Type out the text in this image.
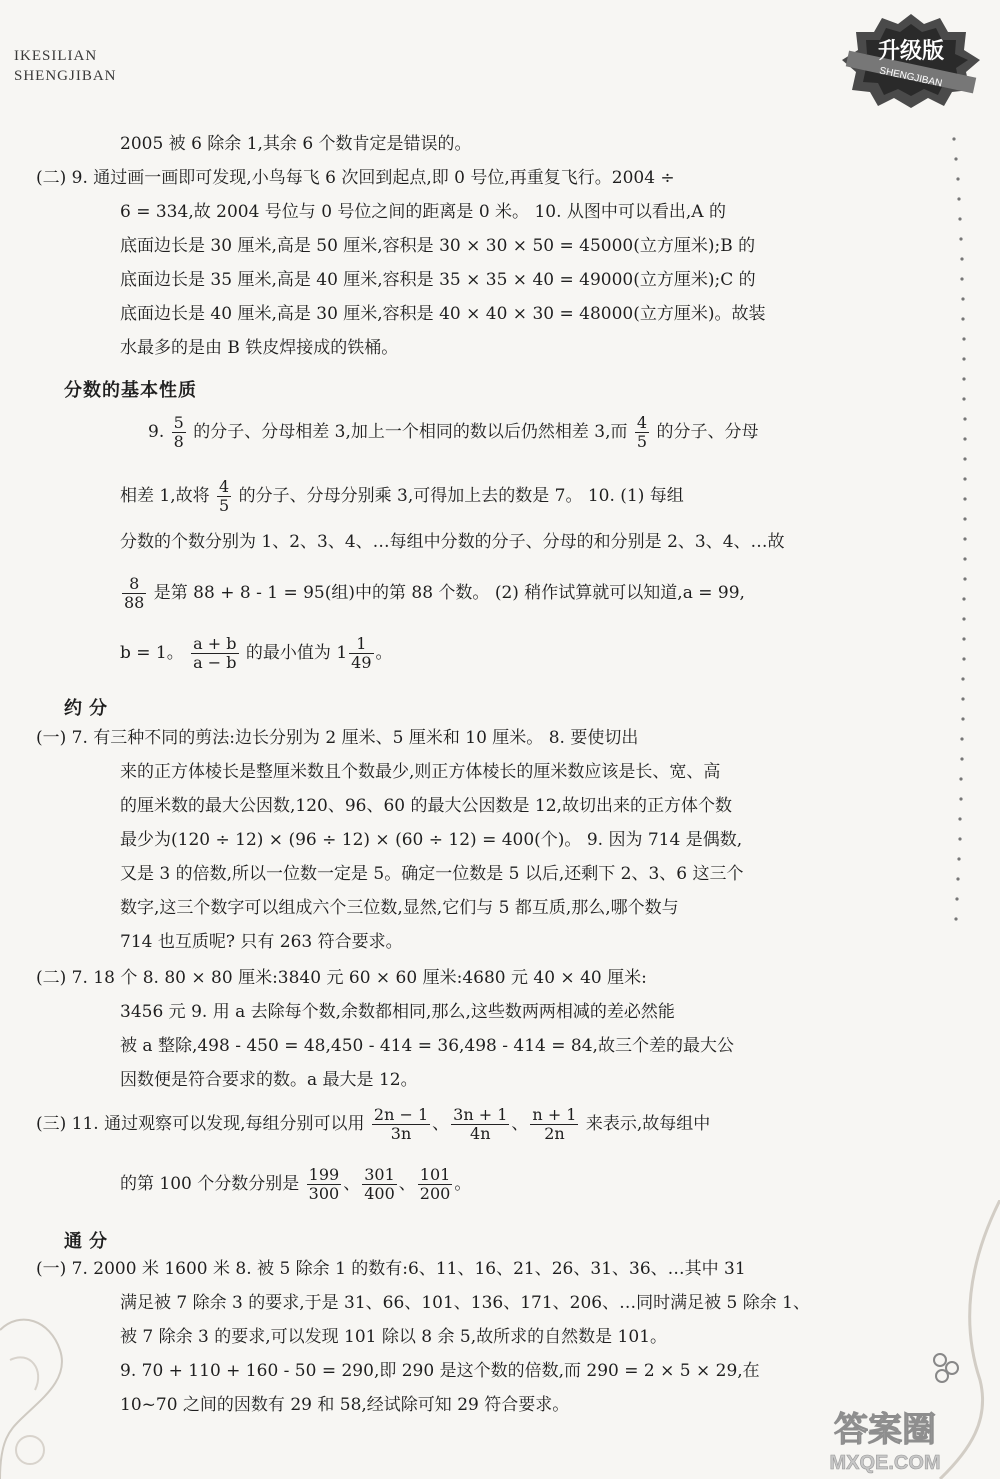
IKESILIAN
SHENGJIBAN
升级版
SHENGJIBAN
2005 被 6 除余 1,其余 6 个数肯定是错误的。
(二) 9. 通过画一画即可发现,小鸟每飞 6 次回到起点,即 0 号位,再重复飞行。2004 ÷
6 = 334,故 2004 号位与 0 号位之间的距离是 0 米。 10. 从图中可以看出,A 的
底面边长是 30 厘米,高是 50 厘米,容积是 30 × 30 × 50 = 45000(立方厘米);B 的
底面边长是 35 厘米,高是 40 厘米,容积是 35 × 35 × 40 = 49000(立方厘米);C 的
底面边长是 40 厘米,高是 30 厘米,容积是 40 × 40 × 30 = 48000(立方厘米)。故装
水最多的是由 B 铁皮焊接成的铁桶。
分数的基本性质
9. $\frac{5}{8}$ 的分子、分母相差 3,加上一个相同的数以后仍然相差 3,而 $\frac{4}{5}$ 的分子、分母
相差 1,故将 $\frac{4}{5}$ 的分子、分母分别乘 3,可得加上去的数是 7。 10. (1) 每组
分数的个数分别为 1、2、3、4、…每组中分数的分子、分母的和分别是 2、3、4、…故
$\frac{8}{88}$ 是第 88 + 8 - 1 = 95(组)中的第 88 个数。 (2) 稍作试算就可以知道,a = 99,
b = 1。 $\frac{a + b}{a - b}$ 的最小值为 $1 \frac{1}{49}$ 。
约 分
(一) 7. 有三种不同的剪法:边长分别为 2 厘米、5 厘米和 10 厘米。 8. 要使切出
来的正方体棱长是整厘米数且个数最少,则正方体棱长的厘米数应该是长、宽、高
的厘米数的最大公因数,120、96、60 的最大公因数是 12,故切出来的正方体个数
最少为(120 ÷ 12) × (96 ÷ 12) × (60 ÷ 12) = 400(个)。 9. 因为 714 是偶数,
又是 3 的倍数,所以一位数一定是 5。确定一位数是 5 以后,还剩下 2、3、6 这三个
数字,这三个数字可以组成六个三位数,显然,它们与 5 都互质,那么,哪个数与
714 也互质呢? 只有 263 符合要求。
(二) 7. 18 个 8. 80 × 80 厘米:3840 元 60 × 60 厘米:4680 元 40 × 40 厘米:
3456 元 9. 用 a 去除每个数,余数都相同,那么,这些数两两相减的差必然能
被 a 整除,498 - 450 = 48,450 - 414 = 36,498 - 414 = 84,故三个差的最大公
因数便是符合要求的数。a 最大是 12。
(三) 11. 通过观察可以发现,每组分别可以用 $\frac{2n - 1}{3n}$ 、 $\frac{3n + 1}{4n}$ 、 $\frac{n + 1}{2n}$ 来表示,故每组中
的第 100 个分数分别是 $\frac{199}{300}$ 、 $\frac{301}{400}$ 、 $\frac{101}{200}$ 。
通 分
(一) 7. 2000 米 1600 米 8. 被 5 除余 1 的数有:6、11、16、21、26、31、36、…其中 31
满足被 7 除余 3 的要求,于是 31、66、101、136、171、206、…同时满足被 5 除余 1、
被 7 除余 3 的要求,可以发现 101 除以 8 余 5,故所求的自然数是 101。
9. 70 + 110 + 160 - 50 = 290,即 290 是这个数的倍数,而 290 = 2 × 5 × 29,在
10~70 之间的因数有 29 和 58,经试除可知 29 符合要求。
答案圈
MXQE.COM
